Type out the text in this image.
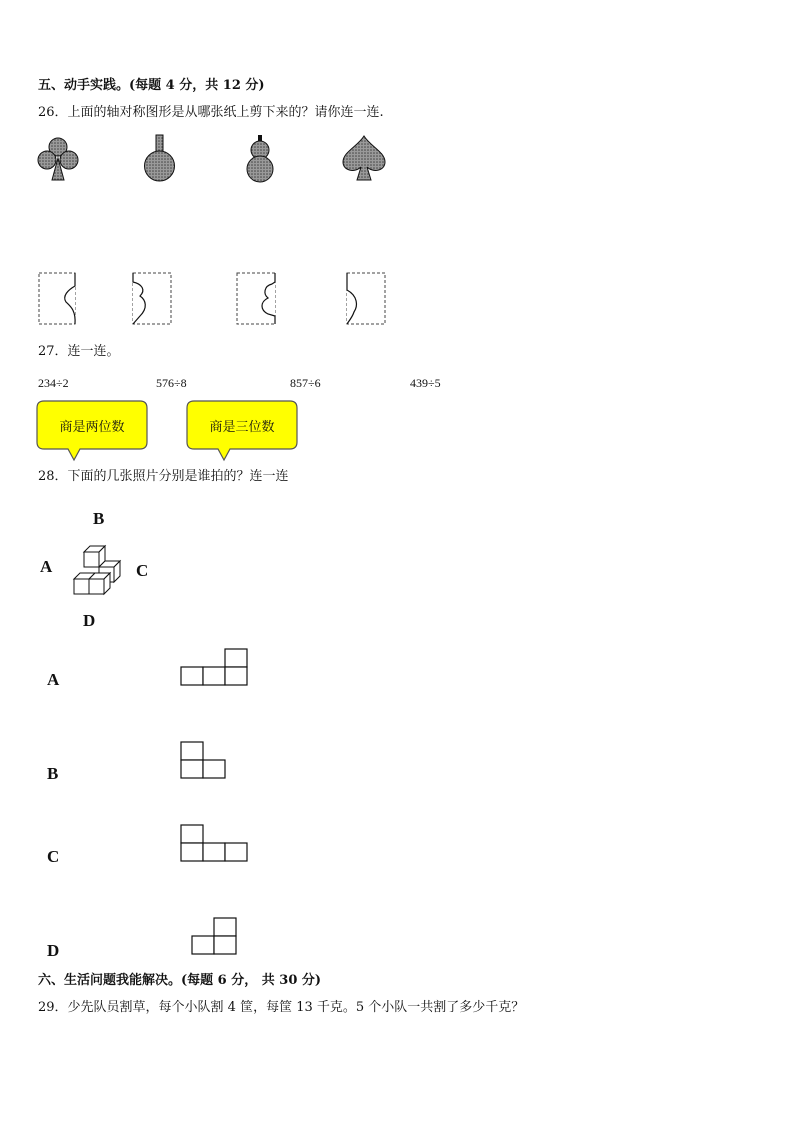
五、动手实践。(每题 4 分，共 12 分)
26．上面的轴对称图形是从哪张纸上剪下来的？请你连一连.
27．连一连。
234÷2	576÷8	857÷6	439÷5
商是两位数	商是三位数
28．下面的几张照片分别是谁拍的？连一连
B
A	C
D
A
B
C
D
六、生活问题我能解决。(每题 6 分， 共 30 分)
29．少先队员割草，每个小队割 4 筐，每筐 13 千克。5 个小队一共割了多少千克？
